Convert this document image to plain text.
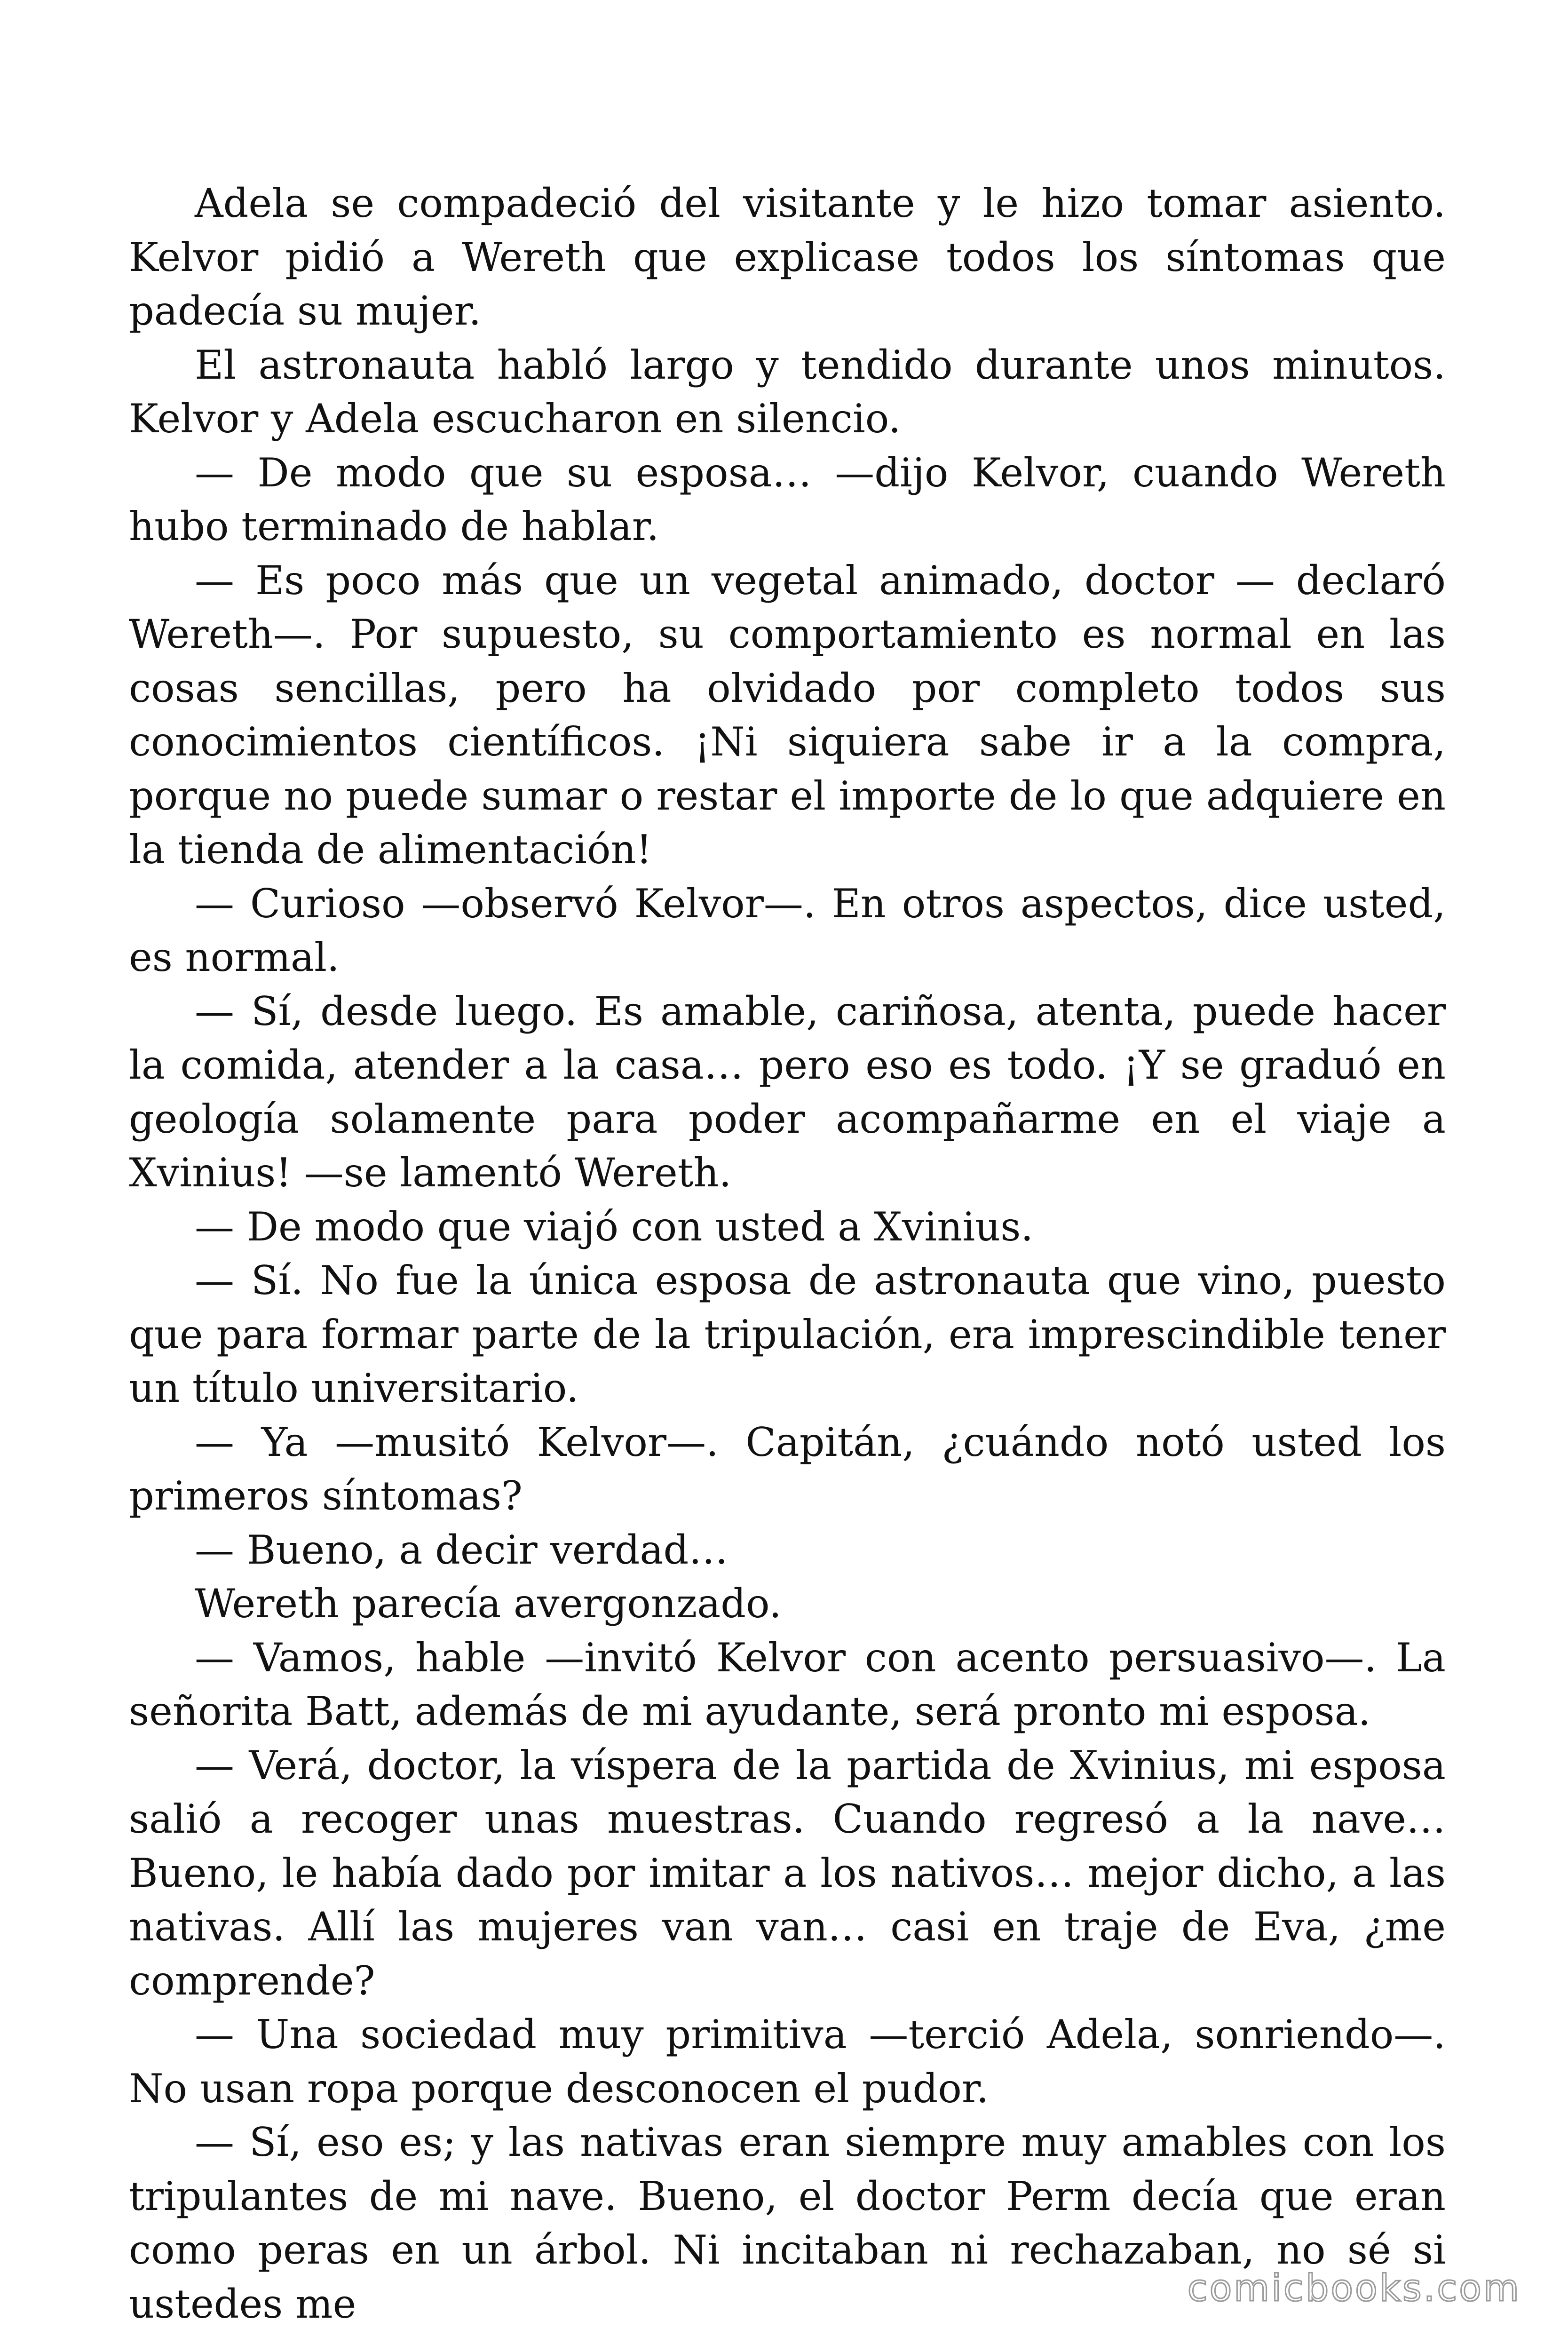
Adela se compadeció del visitante y le hizo tomar asiento. Kelvor pidió a Wereth que explicase todos los síntomas que padecía su mujer.

El astronauta habló largo y tendido durante unos minutos. Kelvor y Adela escucharon en silencio.

— De modo que su esposa… —dijo Kelvor, cuando Wereth hubo terminado de hablar.

— Es poco más que un vegetal animado, doctor — declaró Wereth—. Por supuesto, su comportamiento es normal en las cosas sencillas, pero ha olvidado por completo todos sus conocimientos científicos. ¡Ni siquiera sabe ir a la compra, porque no puede sumar o restar el importe de lo que adquiere en la tienda de alimentación!

— Curioso —observó Kelvor—. En otros aspectos, dice usted, es normal.

— Sí, desde luego. Es amable, cariñosa, atenta, puede hacer la comida, atender a la casa… pero eso es todo. ¡Y se graduó en geología solamente para poder acompañarme en el viaje a Xvinius! —se lamentó Wereth.

— De modo que viajó con usted a Xvinius.

— Sí. No fue la única esposa de astronauta que vino, puesto que para formar parte de la tripulación, era imprescindible tener un título universitario.

— Ya —musitó Kelvor—. Capitán, ¿cuándo notó usted los primeros síntomas?

— Bueno, a decir verdad…

Wereth parecía avergonzado.

— Vamos, hable —invitó Kelvor con acento persuasivo—. La señorita Batt, además de mi ayudante, será pronto mi esposa.

— Verá, doctor, la víspera de la partida de Xvinius, mi esposa salió a recoger unas muestras. Cuando regresó a la nave… Bueno, le había dado por imitar a los nativos… mejor dicho, a las nativas. Allí las mujeres van van… casi en traje de Eva, ¿me comprende?

— Una sociedad muy primitiva —terció Adela, sonriendo—. No usan ropa porque desconocen el pudor.

— Sí, eso es; y las nativas eran siempre muy amables con los tripulantes de mi nave. Bueno, el doctor Perm decía que eran como peras en un árbol. Ni incitaban ni rechazaban, no sé si ustedes me	comicbooks.com
